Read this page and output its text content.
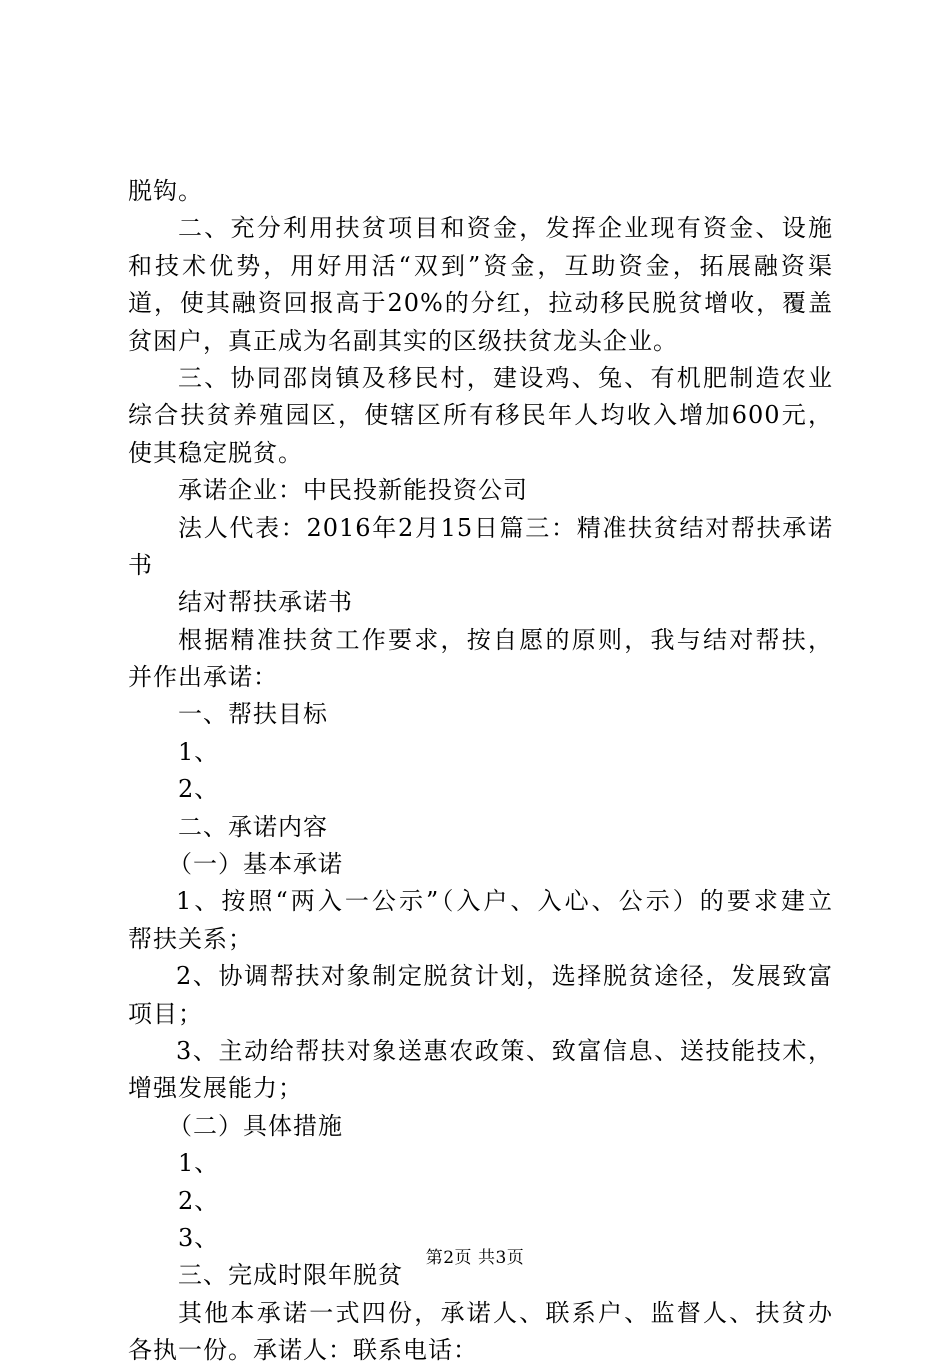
脱钩。
二、充分利用扶贫项目和资金，发挥企业现有资金、设施
和技术优势，用好用活“双到”资金，互助资金，拓展融资渠
道，使其融资回报高于20%的分红，拉动移民脱贫增收，覆盖
贫困户，真正成为名副其实的区级扶贫龙头企业。
三、协同邵岗镇及移民村，建设鸡、兔、有机肥制造农业
综合扶贫养殖园区，使辖区所有移民年人均收入增加600元，
使其稳定脱贫。
承诺企业：中民投新能投资公司
法人代表：2016年2月15日篇三：精准扶贫结对帮扶承诺
书
结对帮扶承诺书
根据精准扶贫工作要求，按自愿的原则，我与结对帮扶，
并作出承诺：
一、帮扶目标
1、
2、
二、承诺内容
（一）基本承诺
1、按照“两入一公示”（入户、入心、公示）的要求建立
帮扶关系；
2、协调帮扶对象制定脱贫计划，选择脱贫途径，发展致富
项目；
3、主动给帮扶对象送惠农政策、致富信息、送技能技术，
增强发展能力；
（二）具体措施
1、
2、
3、
三、完成时限年脱贫
其他本承诺一式四份，承诺人、联系户、监督人、扶贫办
各执一份。承诺人：联系电话：
第2页 共3页
